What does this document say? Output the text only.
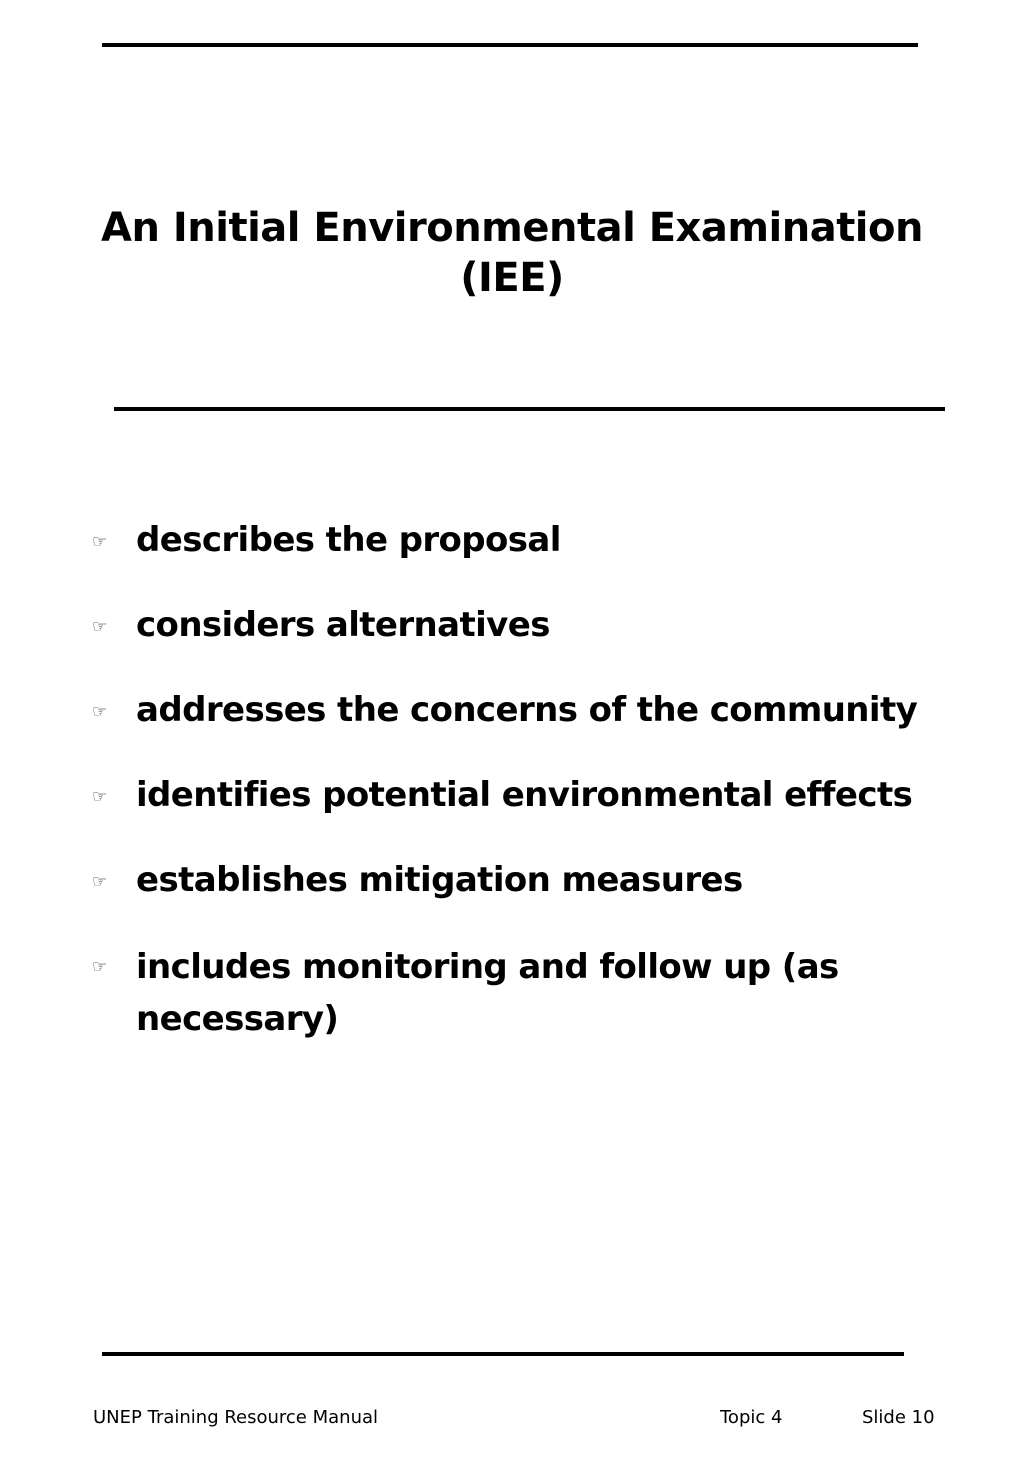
An Initial Environmental Examination
(IEE)
☞ describes the proposal
☞ considers alternatives
☞ addresses the concerns of the community
☞ identifies potential environmental effects
☞ establishes mitigation measures
☞ includes monitoring and follow up (as necessary)
UNEP Training Resource Manual	Topic 4	Slide 10
